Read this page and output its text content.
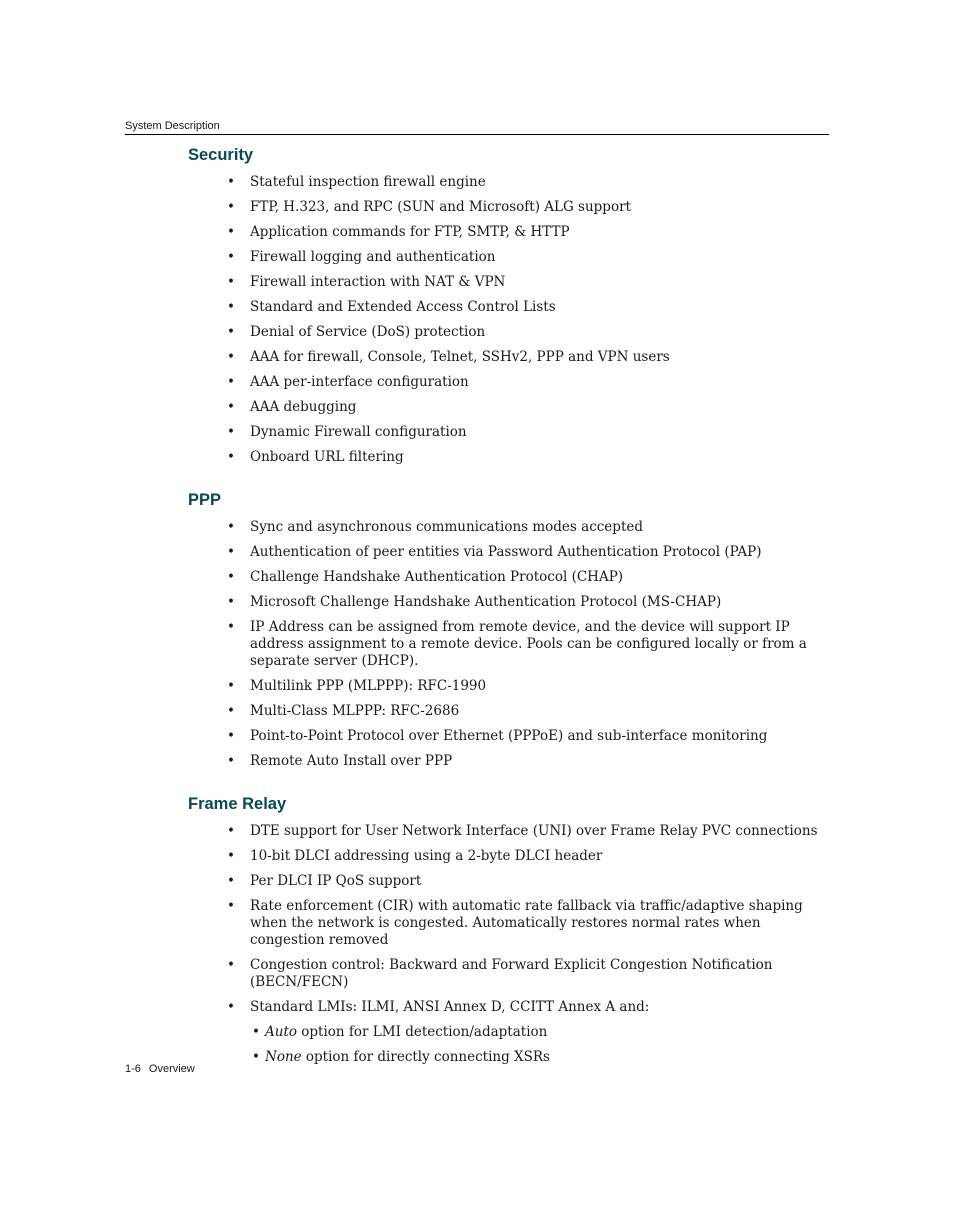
System Description
Security
• Stateful inspection firewall engine
• FTP, H.323, and RPC (SUN and Microsoft) ALG support
• Application commands for FTP, SMTP, & HTTP
• Firewall logging and authentication
• Firewall interaction with NAT & VPN
• Standard and Extended Access Control Lists
• Denial of Service (DoS) protection
• AAA for firewall, Console, Telnet, SSHv2, PPP and VPN users
• AAA per-interface configuration
• AAA debugging
• Dynamic Firewall configuration
• Onboard URL filtering
PPP
• Sync and asynchronous communications modes accepted
• Authentication of peer entities via Password Authentication Protocol (PAP)
• Challenge Handshake Authentication Protocol (CHAP)
• Microsoft Challenge Handshake Authentication Protocol (MS-CHAP)
• IP Address can be assigned from remote device, and the device will support IP address assignment to a remote device. Pools can be configured locally or from a separate server (DHCP).
• Multilink PPP (MLPPP): RFC-1990
• Multi-Class MLPPP: RFC-2686
• Point-to-Point Protocol over Ethernet (PPPoE) and sub-interface monitoring
• Remote Auto Install over PPP
Frame Relay
• DTE support for User Network Interface (UNI) over Frame Relay PVC connections
• 10-bit DLCI addressing using a 2-byte DLCI header
• Per DLCI IP QoS support
• Rate enforcement (CIR) with automatic rate fallback via traffic/adaptive shaping when the network is congested. Automatically restores normal rates when congestion removed
• Congestion control: Backward and Forward Explicit Congestion Notification (BECN/FECN)
• Standard LMIs: ILMI, ANSI Annex D, CCITT Annex A and:
• Auto option for LMI detection/adaptation
• None option for directly connecting XSRs
1-6 Overview
